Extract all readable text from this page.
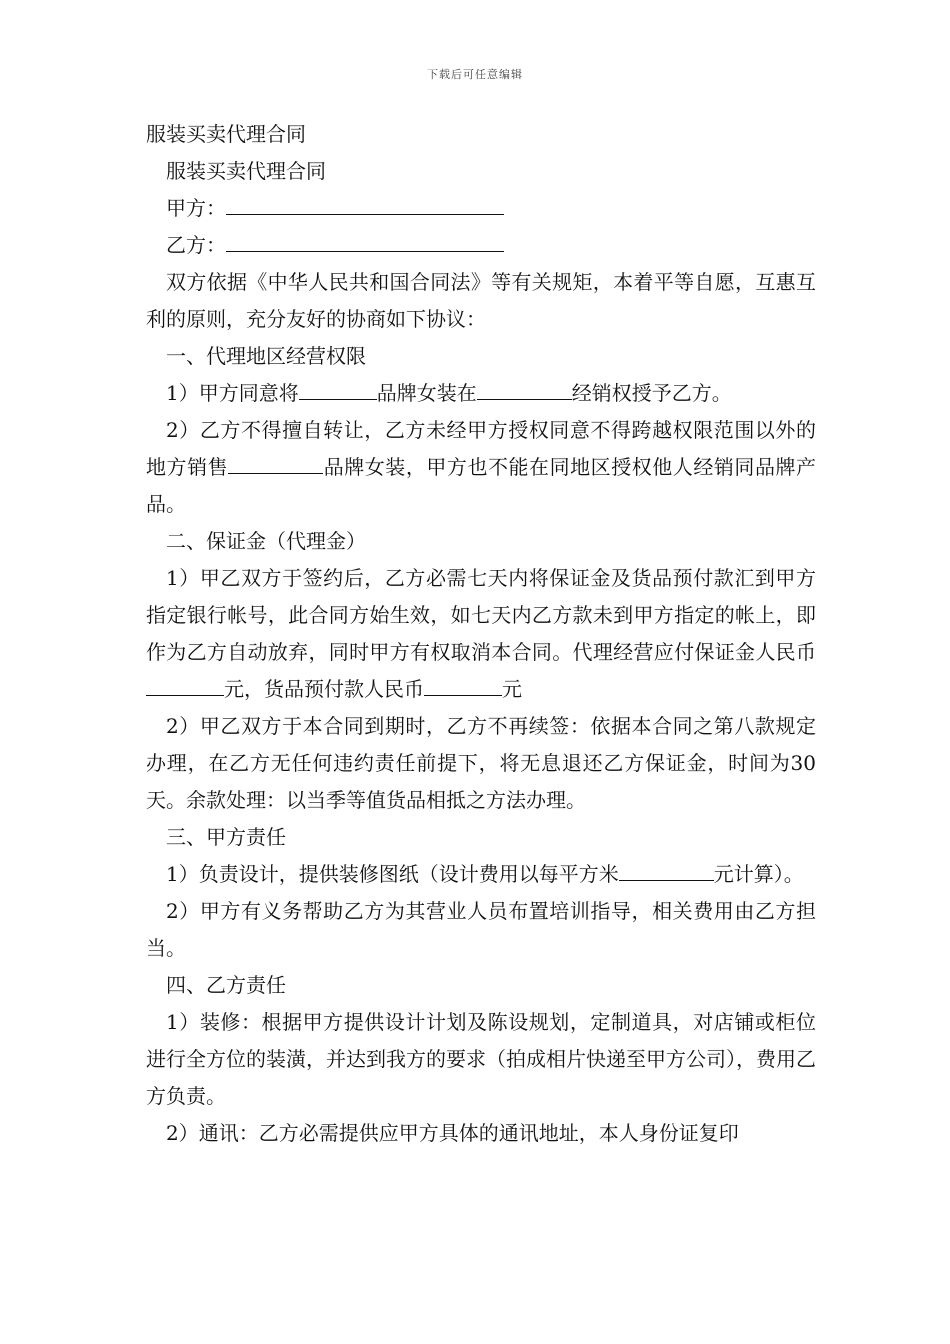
下载后可任意编辑

服装买卖代理合同

服装买卖代理合同

甲方：

乙方：

双方依据《中华人民共和国合同法》等有关规矩，本着平等自愿，互惠互利的原则，充分友好的协商如下协议：

一、代理地区经营权限

1）甲方同意将	品牌女装在	经销权授予乙方。

2）乙方不得擅自转让，乙方未经甲方授权同意不得跨越权限范围以外的地方销售	品牌女装，甲方也不能在同地区授权他人经销同品牌产品。

二、保证金（代理金）

1）甲乙双方于签约后，乙方必需七天内将保证金及货品预付款汇到甲方指定银行帐号，此合同方始生效，如七天内乙方款未到甲方指定的帐上，即作为乙方自动放弃，同时甲方有权取消本合同。代理经营应付保证金人民币元，货品预付款人民币	元

2）甲乙双方于本合同到期时，乙方不再续签：依据本合同之第八款规定办理，在乙方无任何违约责任前提下，将无息退还乙方保证金，时间为30天。余款处理：以当季等值货品相抵之方法办理。

三、甲方责任

1）负责设计，提供装修图纸（设计费用以每平方米	元计算）。

2）甲方有义务帮助乙方为其营业人员布置培训指导，相关费用由乙方担当。

四、乙方责任

1）装修：根据甲方提供设计计划及陈设规划，定制道具，对店铺或柜位进行全方位的装潢，并达到我方的要求（拍成相片快递至甲方公司），费用乙方负责。

2）通讯：乙方必需提供应甲方具体的通讯地址，本人身份证复印
